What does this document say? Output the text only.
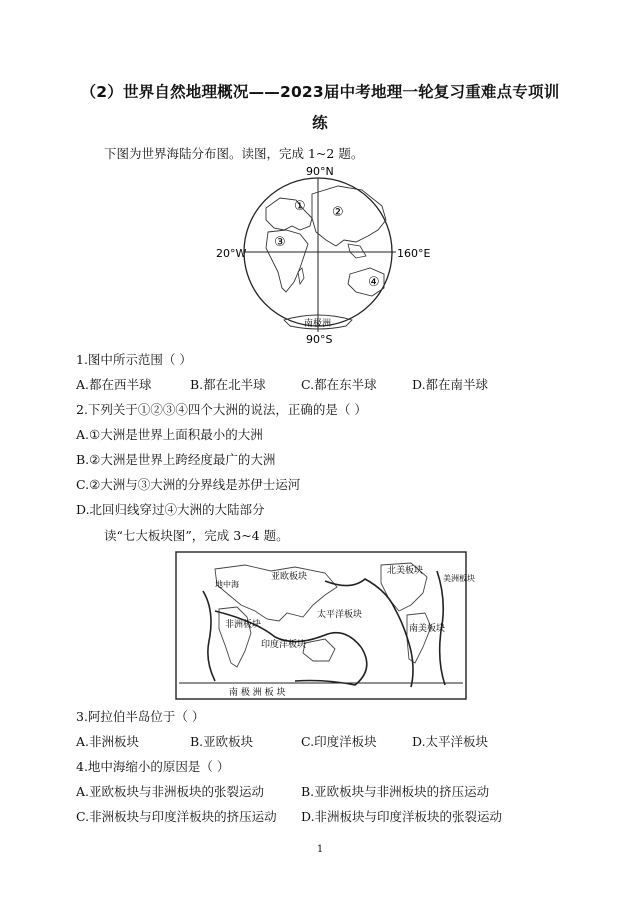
（2）世界自然地理概况——2023届中考地理一轮复习重难点专项训
练
下图为世界海陆分布图。读图，完成 1~2 题。
90°N
90°S
20°W	160°E
南极洲
① ②
③
④
1.图中所示范围（ ）
A.都在西半球	B.都在北半球	C.都在东半球	D.都在南半球
2.下列关于①②③④四个大洲的说法，正确的是（ ）
A.①大洲是世界上面积最小的大洲
B.②大洲是世界上跨经度最广的大洲
C.②大洲与③大洲的分界线是苏伊士运河
D.北回归线穿过④大洲的大陆部分
读“七大板块图”，完成 3~4 题。
亚欧板块
北美板块
太平洋板块
印度洋板块
非洲板块	南美板块
地中海
美洲板块
南 极 洲 板 块
3.阿拉伯半岛位于（ ）
A.非洲板块	B.亚欧板块	C.印度洋板块	D.太平洋板块
4.地中海缩小的原因是（ ）
A.亚欧板块与非洲板块的张裂运动	B.亚欧板块与非洲板块的挤压运动
C.非洲板块与印度洋板块的挤压运动 D.非洲板块与印度洋板块的张裂运动
1
